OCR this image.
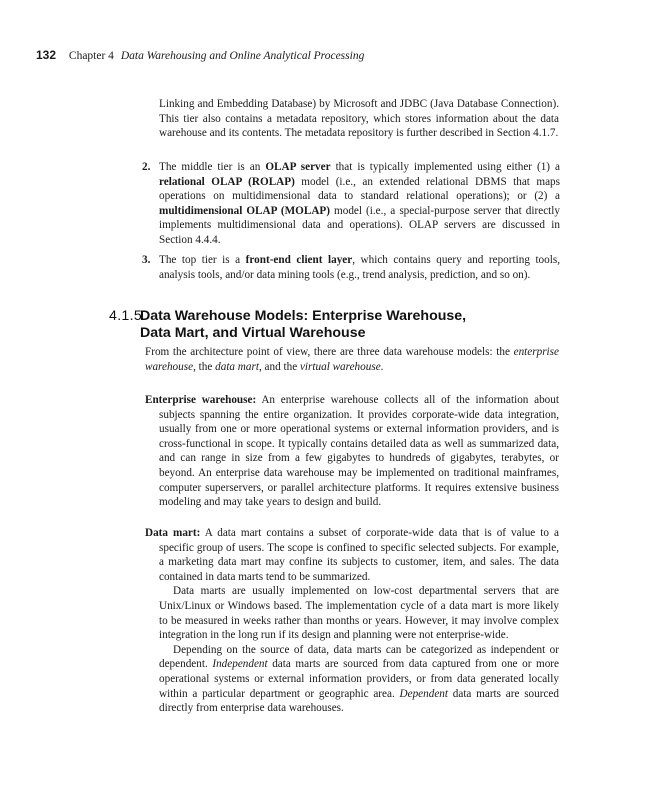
132 Chapter 4 Data Warehousing and Online Analytical Processing
Linking and Embedding Database) by Microsoft and JDBC (Java Database Connection). This tier also contains a metadata repository, which stores information about the data warehouse and its contents. The metadata repository is further described in Section 4.1.7.
2. The middle tier is an OLAP server that is typically implemented using either (1) a relational OLAP (ROLAP) model (i.e., an extended relational DBMS that maps operations on multidimensional data to standard relational operations); or (2) a multidimensional OLAP (MOLAP) model (i.e., a special-purpose server that directly implements multidimensional data and operations). OLAP servers are discussed in Section 4.4.4.
3. The top tier is a front-end client layer, which contains query and reporting tools, analysis tools, and/or data mining tools (e.g., trend analysis, prediction, and so on).
4.1.5
Data Warehouse Models: Enterprise Warehouse,
Data Mart, and Virtual Warehouse
From the architecture point of view, there are three data warehouse models: the enterprise warehouse, the data mart, and the virtual warehouse.

Enterprise warehouse: An enterprise warehouse collects all of the information about subjects spanning the entire organization. It provides corporate-wide data integration, usually from one or more operational systems or external information providers, and is cross-functional in scope. It typically contains detailed data as well as summarized data, and can range in size from a few gigabytes to hundreds of gigabytes, terabytes, or beyond. An enterprise data warehouse may be implemented on traditional mainframes, computer superservers, or parallel architecture platforms. It requires extensive business modeling and may take years to design and build.

Data mart: A data mart contains a subset of corporate-wide data that is of value to a specific group of users. The scope is confined to specific selected subjects. For example, a marketing data mart may confine its subjects to customer, item, and sales. The data contained in data marts tend to be summarized.

Data marts are usually implemented on low-cost departmental servers that are Unix/Linux or Windows based. The implementation cycle of a data mart is more likely to be measured in weeks rather than months or years. However, it may involve complex integration in the long run if its design and planning were not enterprise-wide.

Depending on the source of data, data marts can be categorized as independent or dependent. Independent data marts are sourced from data captured from one or more operational systems or external information providers, or from data generated locally within a particular department or geographic area. Dependent data marts are sourced directly from enterprise data warehouses.
